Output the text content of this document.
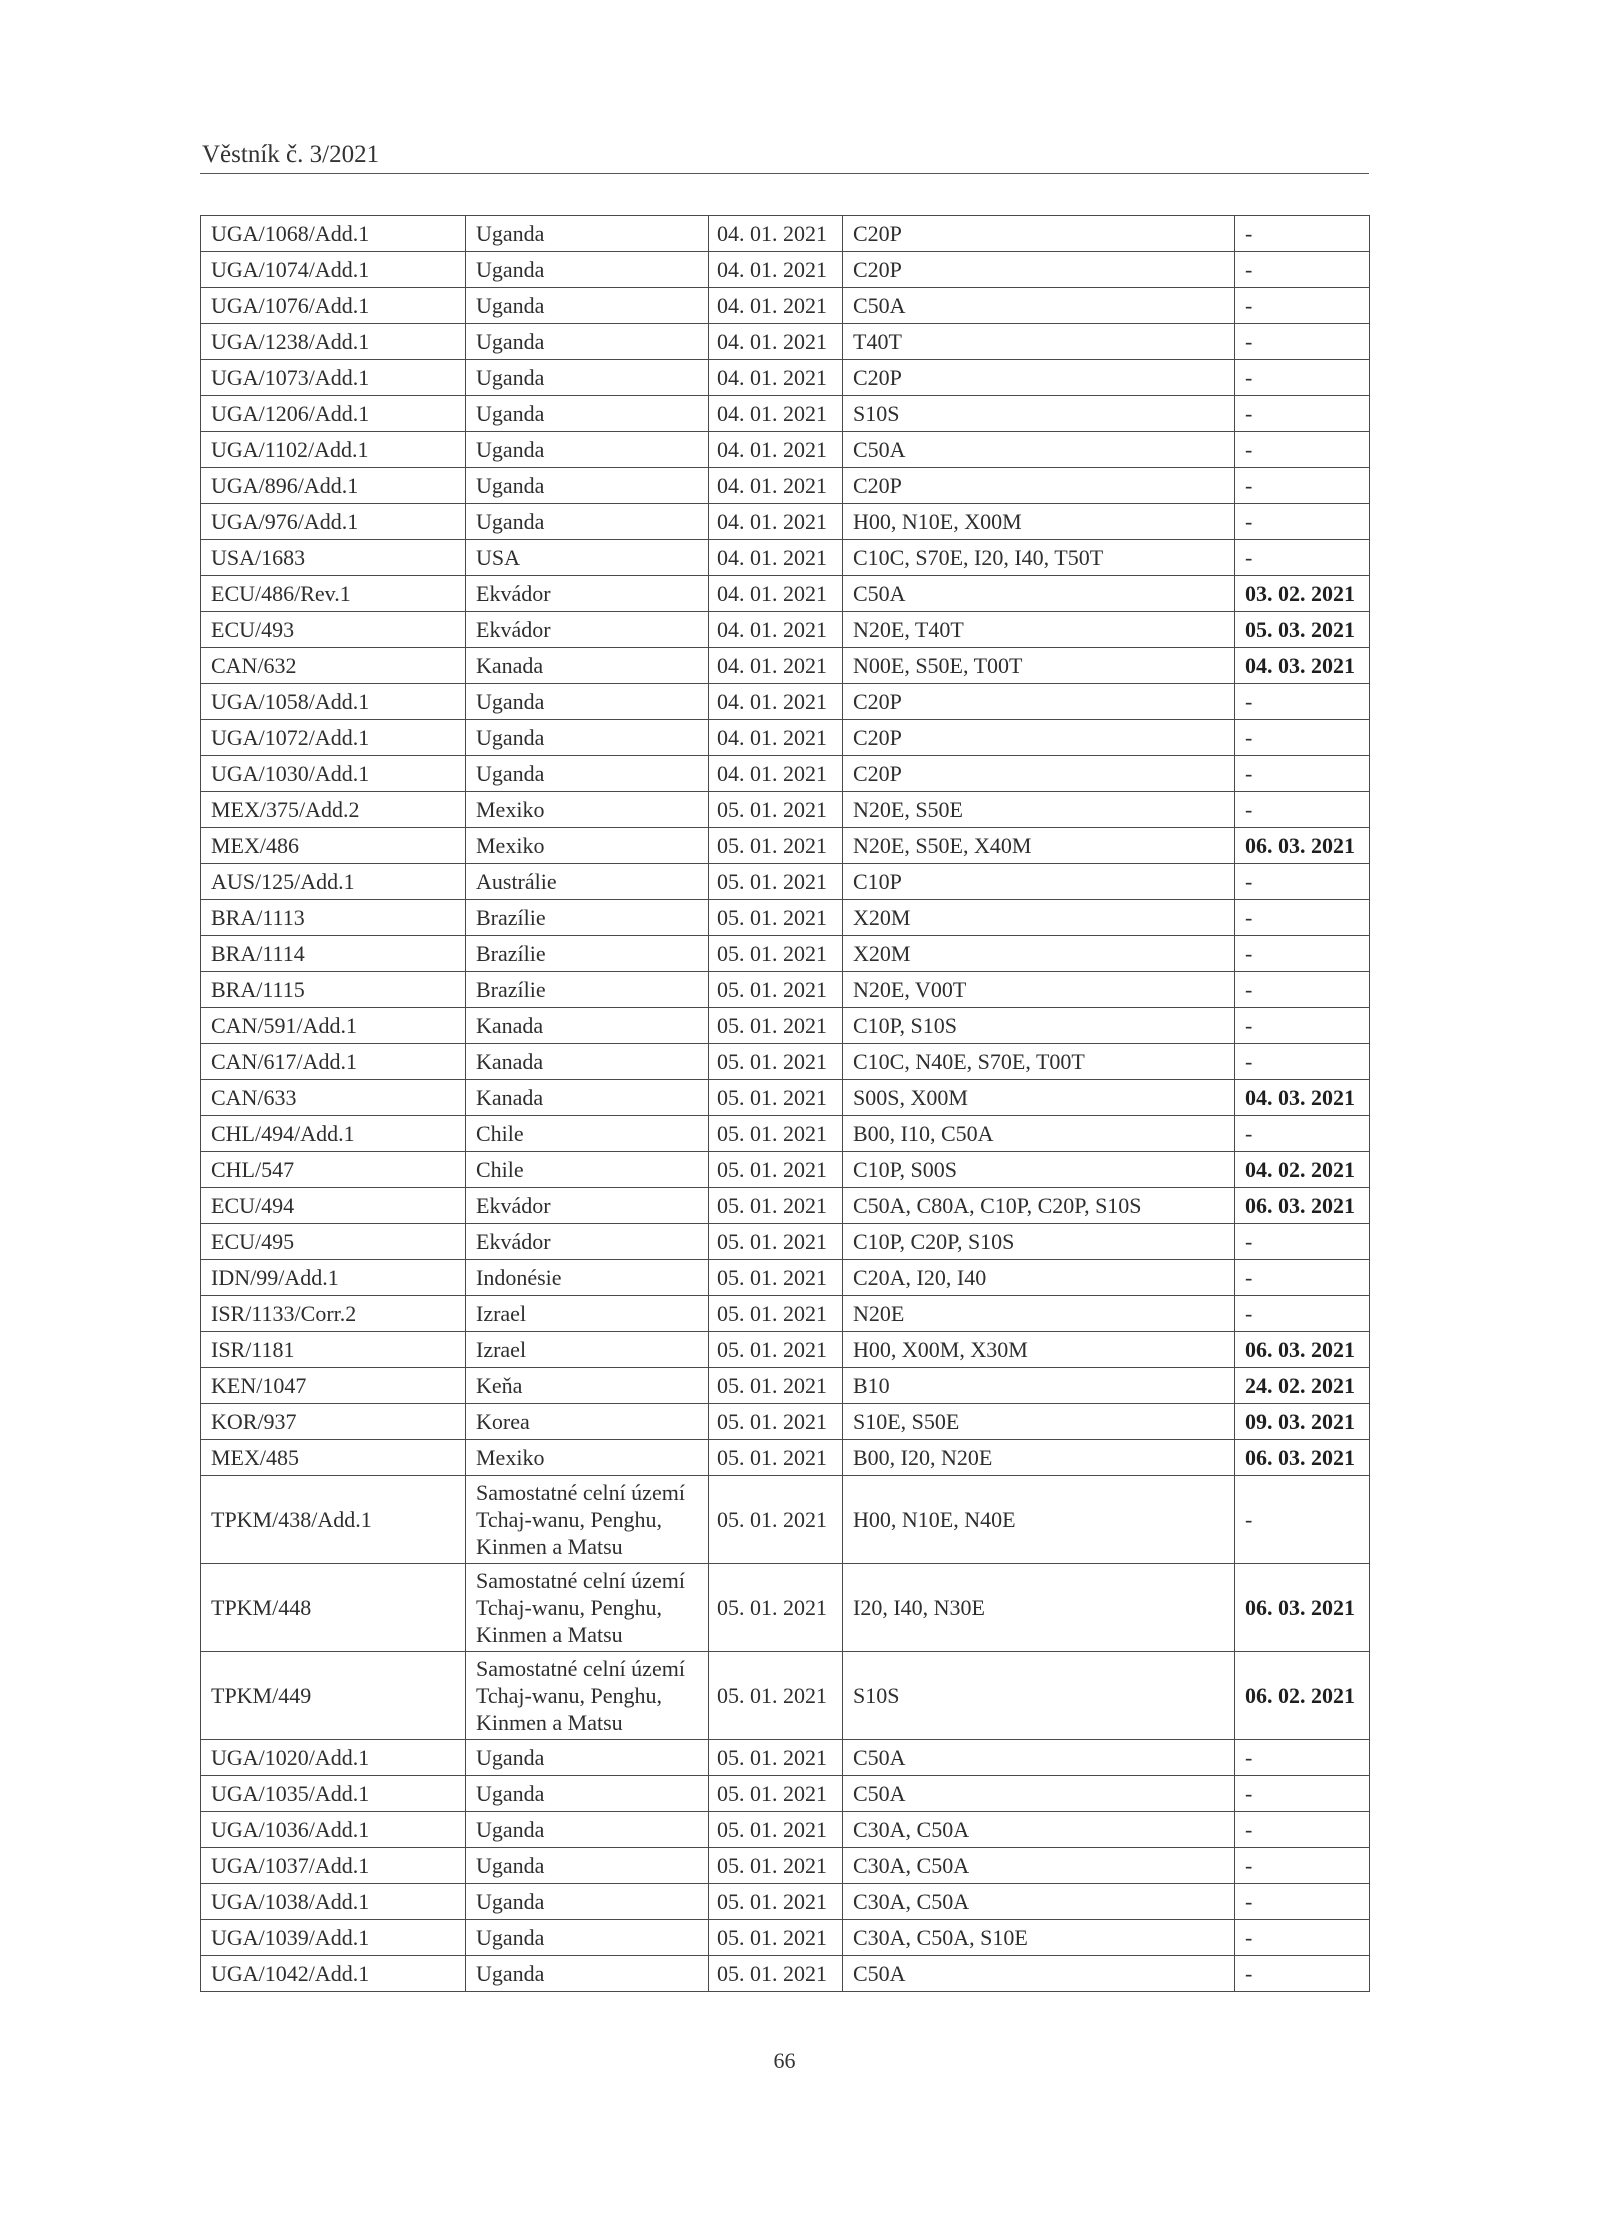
Věstník č. 3/2021
UGA/1068/Add.1	Uganda	04. 01. 2021	C20P	-
UGA/1074/Add.1	Uganda	04. 01. 2021	C20P	-
UGA/1076/Add.1	Uganda	04. 01. 2021	C50A	-
UGA/1238/Add.1	Uganda	04. 01. 2021	T40T	-
UGA/1073/Add.1	Uganda	04. 01. 2021	C20P	-
UGA/1206/Add.1	Uganda	04. 01. 2021	S10S	-
UGA/1102/Add.1	Uganda	04. 01. 2021	C50A	-
UGA/896/Add.1	Uganda	04. 01. 2021	C20P	-
UGA/976/Add.1	Uganda	04. 01. 2021	H00, N10E, X00M	-
USA/1683	USA	04. 01. 2021	C10C, S70E, I20, I40, T50T	-
ECU/486/Rev.1	Ekvádor	04. 01. 2021	C50A	03. 02. 2021
ECU/493	Ekvádor	04. 01. 2021	N20E, T40T	05. 03. 2021
CAN/632	Kanada	04. 01. 2021	N00E, S50E, T00T	04. 03. 2021
UGA/1058/Add.1	Uganda	04. 01. 2021	C20P	-
UGA/1072/Add.1	Uganda	04. 01. 2021	C20P	-
UGA/1030/Add.1	Uganda	04. 01. 2021	C20P	-
MEX/375/Add.2	Mexiko	05. 01. 2021	N20E, S50E	-
MEX/486	Mexiko	05. 01. 2021	N20E, S50E, X40M	06. 03. 2021
AUS/125/Add.1	Austrálie	05. 01. 2021	C10P	-
BRA/1113	Brazílie	05. 01. 2021	X20M	-
BRA/1114	Brazílie	05. 01. 2021	X20M	-
BRA/1115	Brazílie	05. 01. 2021	N20E, V00T	-
CAN/591/Add.1	Kanada	05. 01. 2021	C10P, S10S	-
CAN/617/Add.1	Kanada	05. 01. 2021	C10C, N40E, S70E, T00T	-
CAN/633	Kanada	05. 01. 2021	S00S, X00M	04. 03. 2021
CHL/494/Add.1	Chile	05. 01. 2021	B00, I10, C50A	-
CHL/547	Chile	05. 01. 2021	C10P, S00S	04. 02. 2021
ECU/494	Ekvádor	05. 01. 2021	C50A, C80A, C10P, C20P, S10S	06. 03. 2021
ECU/495	Ekvádor	05. 01. 2021	C10P, C20P, S10S	-
IDN/99/Add.1	Indonésie	05. 01. 2021	C20A, I20, I40	-
ISR/1133/Corr.2	Izrael	05. 01. 2021	N20E	-
ISR/1181	Izrael	05. 01. 2021	H00, X00M, X30M	06. 03. 2021
KEN/1047	Keňa	05. 01. 2021	B10	24. 02. 2021
KOR/937	Korea	05. 01. 2021	S10E, S50E	09. 03. 2021
MEX/485	Mexiko	05. 01. 2021	B00, I20, N20E	06. 03. 2021
TPKM/438/Add.1	Samostatné celní území
Tchaj-wanu, Penghu,
Kinmen a Matsu	05. 01. 2021	H00, N10E, N40E	-
TPKM/448	Samostatné celní území
Tchaj-wanu, Penghu,
Kinmen a Matsu	05. 01. 2021	I20, I40, N30E	06. 03. 2021
TPKM/449	Samostatné celní území
Tchaj-wanu, Penghu,
Kinmen a Matsu	05. 01. 2021	S10S	06. 02. 2021
UGA/1020/Add.1	Uganda	05. 01. 2021	C50A	-
UGA/1035/Add.1	Uganda	05. 01. 2021	C50A	-
UGA/1036/Add.1	Uganda	05. 01. 2021	C30A, C50A	-
UGA/1037/Add.1	Uganda	05. 01. 2021	C30A, C50A	-
UGA/1038/Add.1	Uganda	05. 01. 2021	C30A, C50A	-
UGA/1039/Add.1	Uganda	05. 01. 2021	C30A, C50A, S10E	-
UGA/1042/Add.1	Uganda	05. 01. 2021	C50A	-
66
